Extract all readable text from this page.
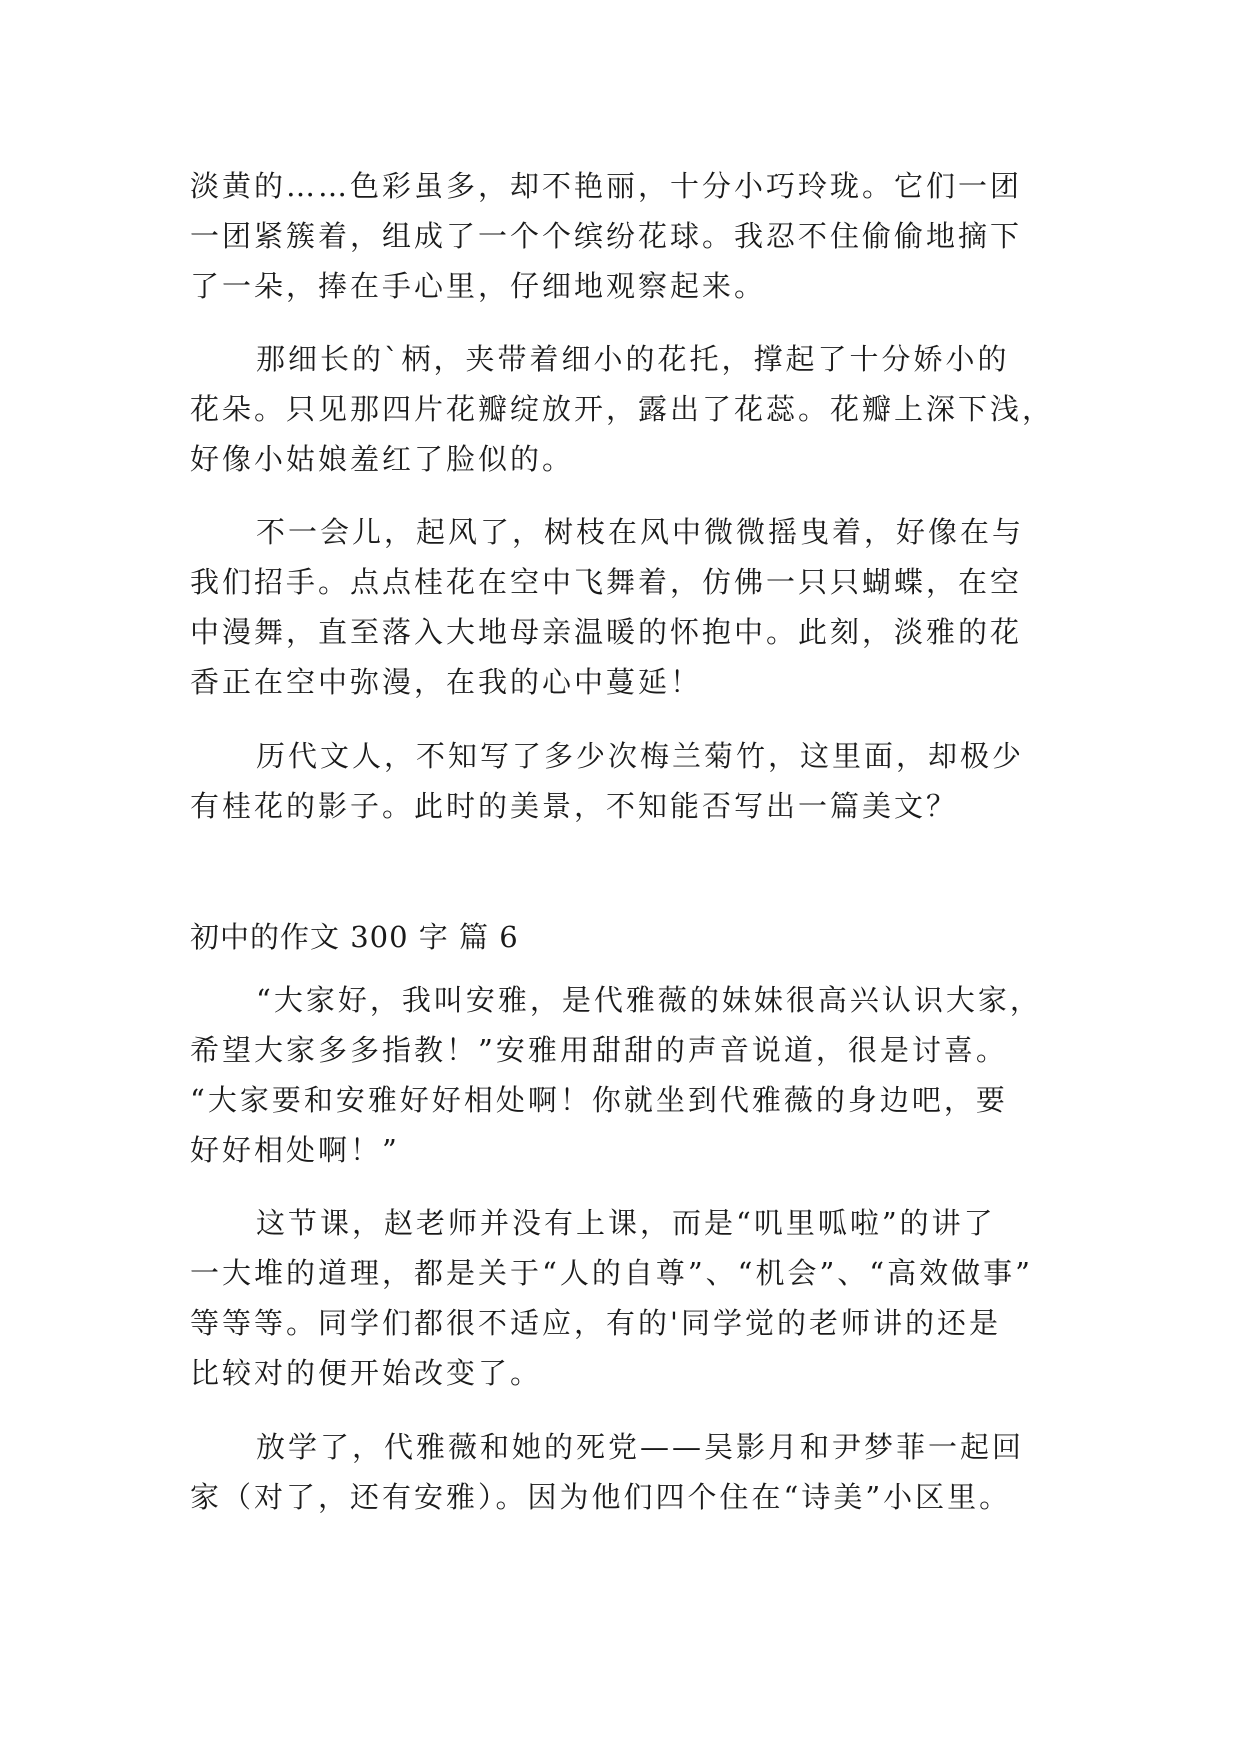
淡黄的……色彩虽多，却不艳丽，十分小巧玲珑。它们一团
一团紧簇着，组成了一个个缤纷花球。我忍不住偷偷地摘下
了一朵，捧在手心里，仔细地观察起来。
那细长的`柄，夹带着细小的花托，撑起了十分娇小的
花朵。只见那四片花瓣绽放开，露出了花蕊。花瓣上深下浅，
好像小姑娘羞红了脸似的。
不一会儿，起风了，树枝在风中微微摇曳着，好像在与
我们招手。点点桂花在空中飞舞着，仿佛一只只蝴蝶，在空
中漫舞，直至落入大地母亲温暖的怀抱中。此刻，淡雅的花
香正在空中弥漫，在我的心中蔓延！
历代文人，不知写了多少次梅兰菊竹，这里面，却极少
有桂花的影子。此时的美景，不知能否写出一篇美文？
初中的作文 300 字 篇 6
“大家好，我叫安雅，是代雅薇的妹妹很高兴认识大家，
希望大家多多指教！”安雅用甜甜的声音说道，很是讨喜。
“大家要和安雅好好相处啊！你就坐到代雅薇的身边吧，要
好好相处啊！”
这节课，赵老师并没有上课，而是“叽里呱啦”的讲了
一大堆的道理，都是关于“人的自尊”、“机会”、“高效做事”
等等等。同学们都很不适应，有的'同学觉的老师讲的还是
比较对的便开始改变了。
放学了，代雅薇和她的死党——吴影月和尹梦菲一起回
家（对了，还有安雅）。因为他们四个住在“诗美”小区里。
